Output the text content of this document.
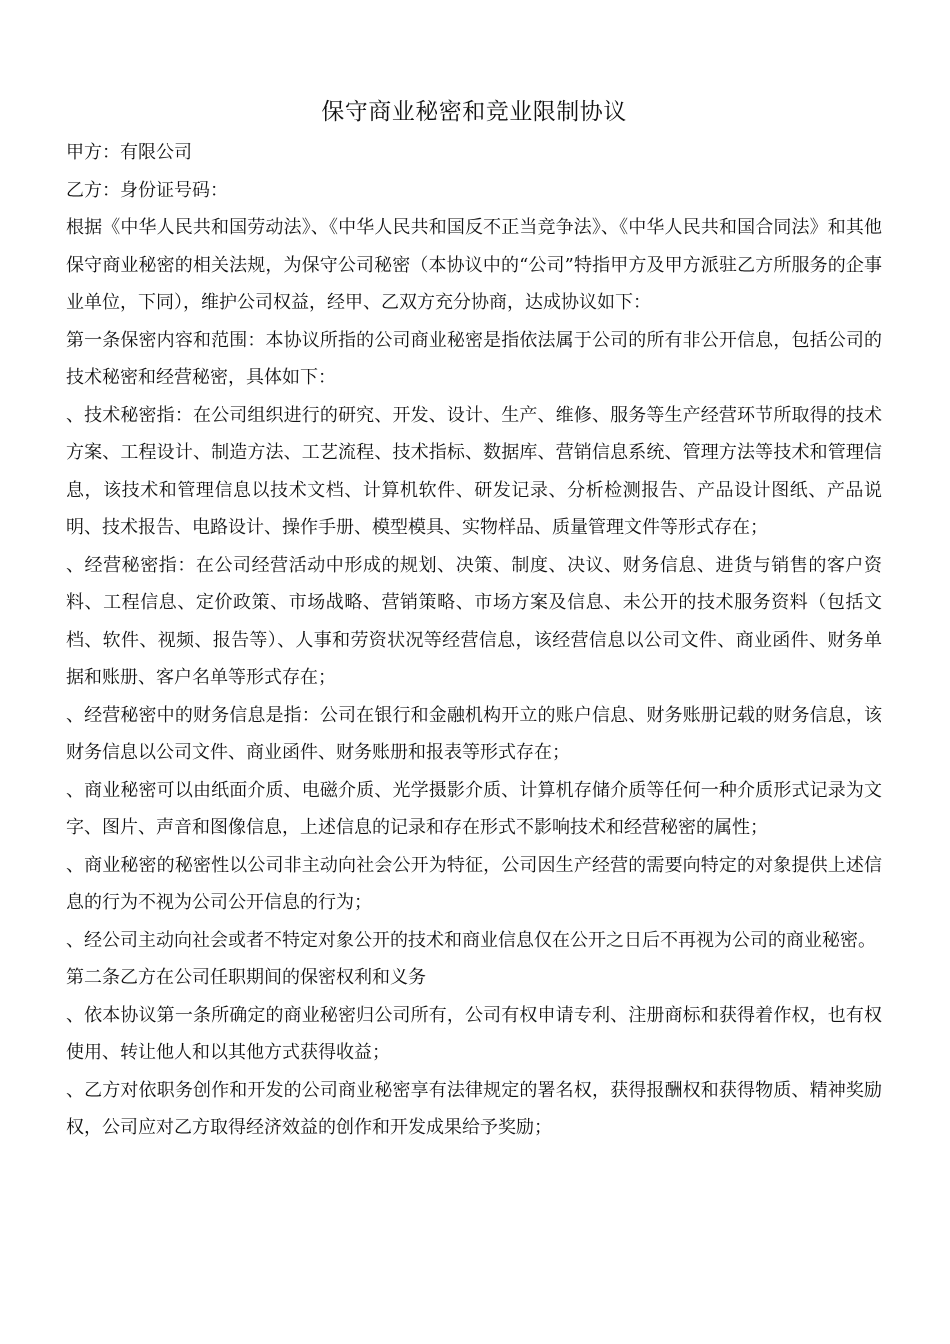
保守商业秘密和竞业限制协议

甲方：有限公司

乙方：身份证号码：

根据《中华人民共和国劳动法》、《中华人民共和国反不正当竞争法》、《中华人民共和国合同法》和其他保守商业秘密的相关法规，为保守公司秘密（本协议中的“公司”特指甲方及甲方派驻乙方所服务的企事业单位，下同），维护公司权益，经甲、乙双方充分协商，达成协议如下：

第一条保密内容和范围：本协议所指的公司商业秘密是指依法属于公司的所有非公开信息，包括公司的技术秘密和经营秘密，具体如下：

、技术秘密指：在公司组织进行的研究、开发、设计、生产、维修、服务等生产经营环节所取得的技术方案、工程设计、制造方法、工艺流程、技术指标、数据库、营销信息系统、管理方法等技术和管理信息，该技术和管理信息以技术文档、计算机软件、研发记录、分析检测报告、产品设计图纸、产品说明、技术报告、电路设计、操作手册、模型模具、实物样品、质量管理文件等形式存在；

、经营秘密指：在公司经营活动中形成的规划、决策、制度、决议、财务信息、进货与销售的客户资料、工程信息、定价政策、市场战略、营销策略、市场方案及信息、未公开的技术服务资料（包括文档、软件、视频、报告等）、人事和劳资状况等经营信息，该经营信息以公司文件、商业函件、财务单据和账册、客户名单等形式存在；

、经营秘密中的财务信息是指：公司在银行和金融机构开立的账户信息、财务账册记载的财务信息，该财务信息以公司文件、商业函件、财务账册和报表等形式存在；

、商业秘密可以由纸面介质、电磁介质、光学摄影介质、计算机存储介质等任何一种介质形式记录为文字、图片、声音和图像信息，上述信息的记录和存在形式不影响技术和经营秘密的属性；

、商业秘密的秘密性以公司非主动向社会公开为特征，公司因生产经营的需要向特定的对象提供上述信息的行为不视为公司公开信息的行为；

、经公司主动向社会或者不特定对象公开的技术和商业信息仅在公开之日后不再视为公司的商业秘密。

第二条乙方在公司任职期间的保密权利和义务

、依本协议第一条所确定的商业秘密归公司所有，公司有权申请专利、注册商标和获得着作权，也有权使用、转让他人和以其他方式获得收益；

、乙方对依职务创作和开发的公司商业秘密享有法律规定的署名权，获得报酬权和获得物质、精神奖励权，公司应对乙方取得经济效益的创作和开发成果给予奖励；
